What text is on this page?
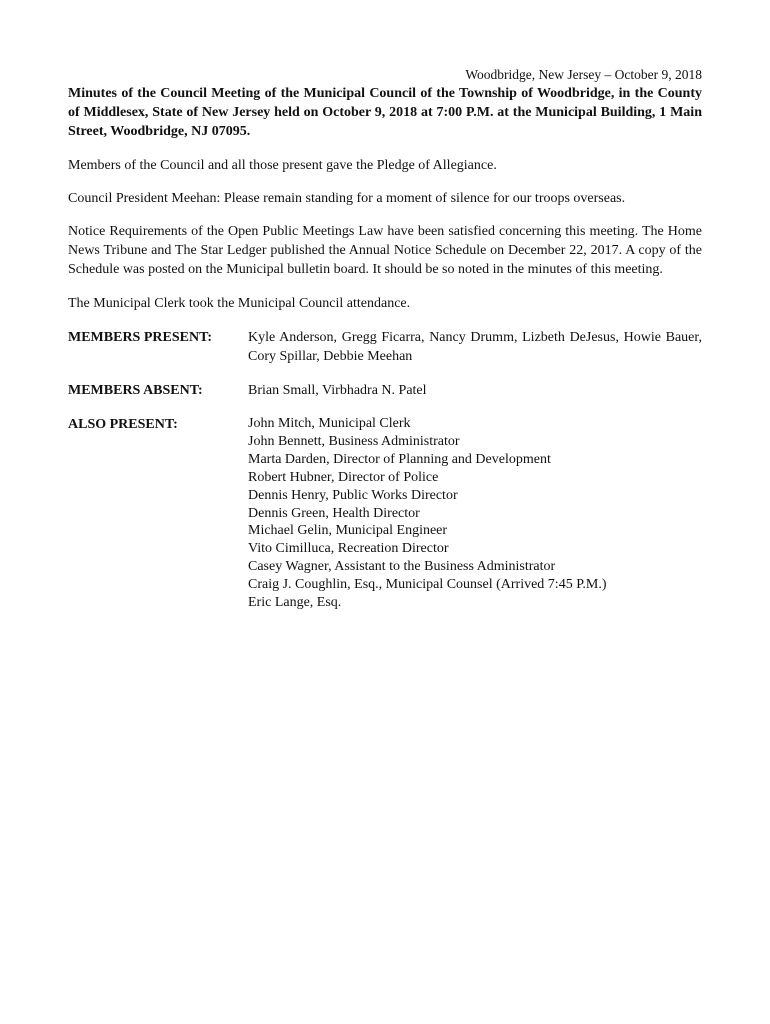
Woodbridge, New Jersey – October 9, 2018

Minutes of the Council Meeting of the Municipal Council of the Township of Woodbridge, in the County of Middlesex, State of New Jersey held on October 9, 2018 at 7:00 P.M. at the Municipal Building, 1 Main Street, Woodbridge, NJ 07095.

Members of the Council and all those present gave the Pledge of Allegiance.

Council President Meehan: Please remain standing for a moment of silence for our troops overseas.

Notice Requirements of the Open Public Meetings Law have been satisfied concerning this meeting. The Home News Tribune and The Star Ledger published the Annual Notice Schedule on December 22, 2017. A copy of the Schedule was posted on the Municipal bulletin board. It should be so noted in the minutes of this meeting.

The Municipal Clerk took the Municipal Council attendance.

MEMBERS PRESENT:	Kyle Anderson, Gregg Ficarra, Nancy Drumm, Lizbeth DeJesus, Howie Bauer, Cory Spillar, Debbie Meehan
MEMBERS ABSENT:	Brian Small, Virbhadra N. Patel
ALSO PRESENT:	John Mitch, Municipal Clerk
John Bennett, Business Administrator
Marta Darden, Director of Planning and Development
Robert Hubner, Director of Police
Dennis Henry, Public Works Director
Dennis Green, Health Director
Michael Gelin, Municipal Engineer
Vito Cimilluca, Recreation Director
Casey Wagner, Assistant to the Business Administrator
Craig J. Coughlin, Esq., Municipal Counsel (Arrived 7:45 P.M.)
Eric Lange, Esq.
